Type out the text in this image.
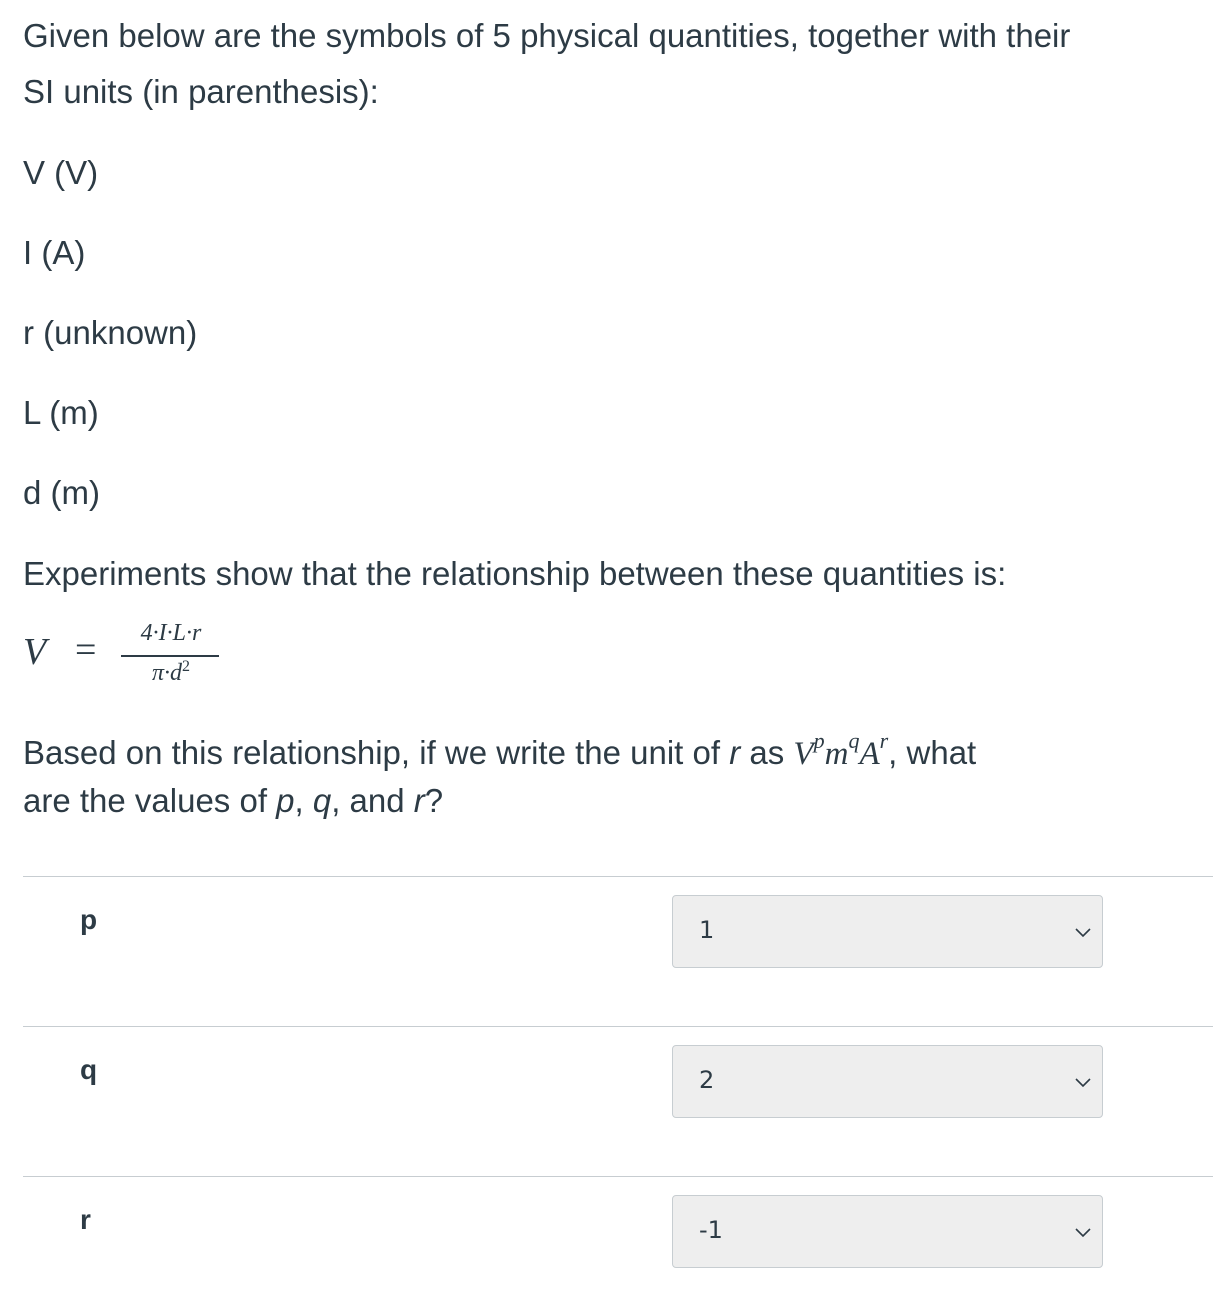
Given below are the symbols of 5 physical quantities, together with their
SI units (in parenthesis):
V (V)
I (A)
r (unknown)
L (m)
d (m)
Experiments show that the relationship between these quantities is:
V =	4·I·L·r
$\pi\cdot d^2$
Based on this relationship, if we write the unit of r as $V^pm^qA^r$, what
are the values of p, q, and r?
p	1
q	2
r	-1
